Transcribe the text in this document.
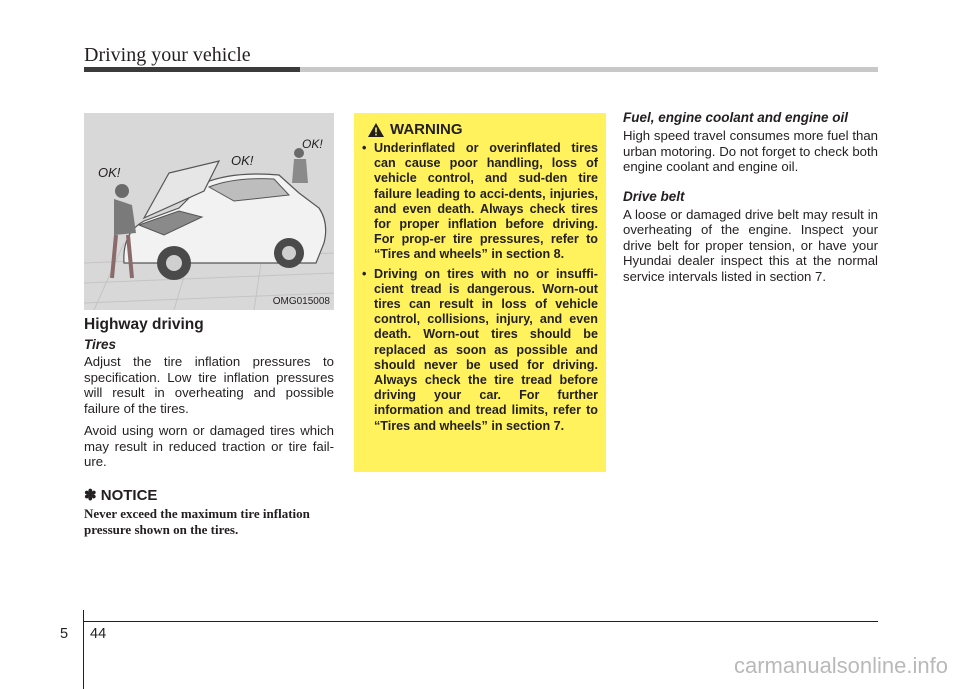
Driving your vehicle
OK!
OK!
OK!
OMG015008
Highway driving
Tires

Adjust the tire inflation pressures to specification. Low tire inflation pressures will result in overheating and possible failure of the tires.

Avoid using worn or damaged tires which may result in reduced traction or tire fail-ure.

✽ NOTICE
Never exceed the maximum tire inflation pressure shown on the tires.
WARNING
• Underinflated or overinflated tires can cause poor handling, loss of vehicle control, and sud-den tire failure leading to acci-dents, injuries, and even death. Always check tires for proper inflation before driving. For prop-er tire pressures, refer to “Tires and wheels” in section 8.
• Driving on tires with no or insuffi-cient tread is dangerous. Worn-out tires can result in loss of vehicle control, collisions, injury, and even death. Worn-out tires should be replaced as soon as possible and should never be used for driving. Always check the tire tread before driving your car. For further information and tread limits, refer to “Tires and wheels” in section 7.
Fuel, engine coolant and engine oil

High speed travel consumes more fuel than urban motoring. Do not forget to check both engine coolant and engine oil.

Drive belt

A loose or damaged drive belt may result in overheating of the engine. Inspect your drive belt for proper tension, or have your Hyundai dealer inspect this at the normal service intervals listed in section 7.

5 44
carmanualsonline.info
